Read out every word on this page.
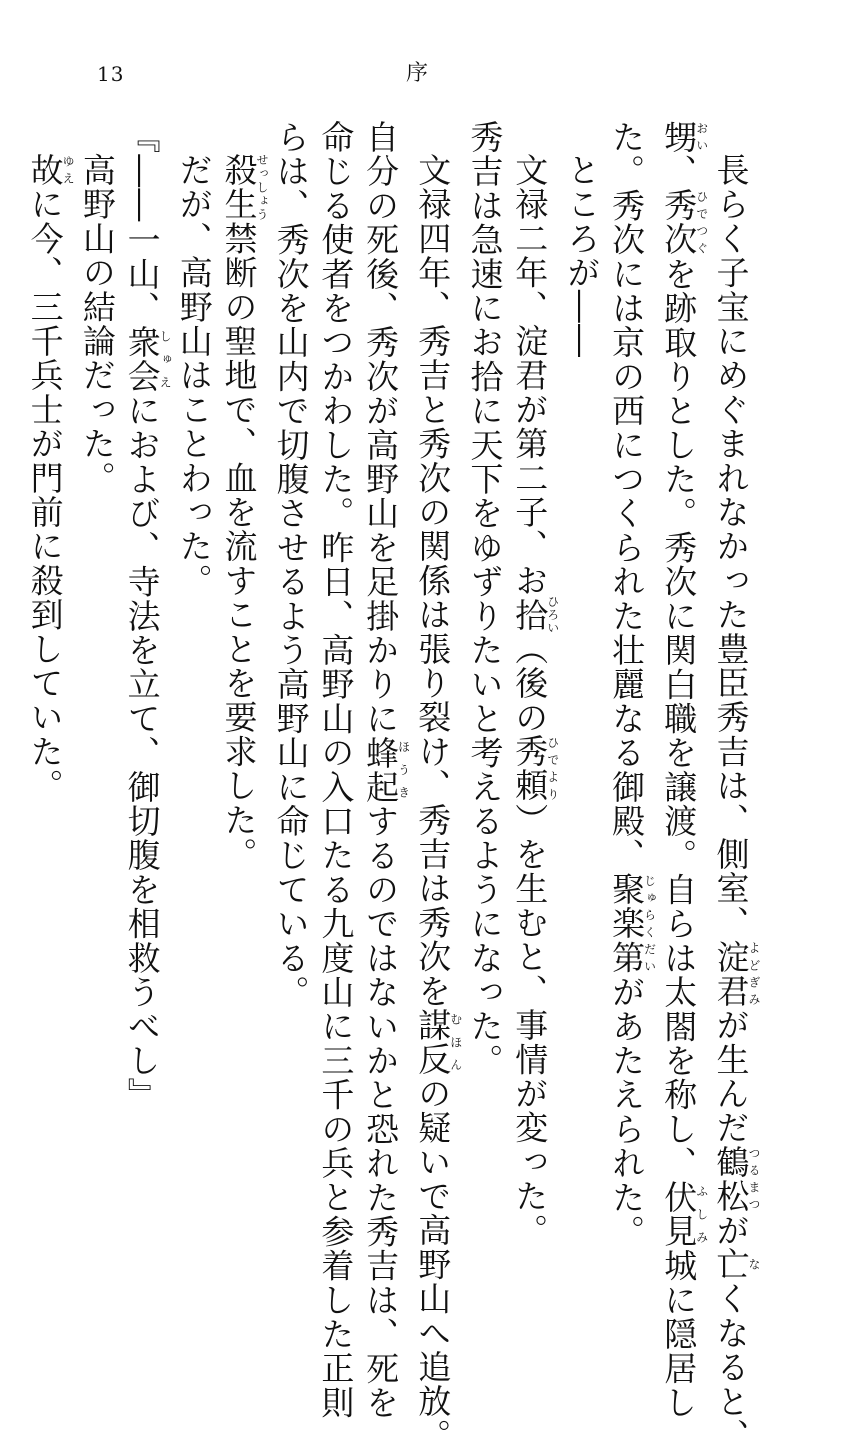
13	序
長らく子宝にめぐまれなかった豊臣秀吉は、側室、淀君よどぎみが生んだ鶴松つるまつが亡なくなると、
甥おい、秀次ひでつぐを跡取りとした。秀次に関白職を譲渡。自らは太閤を称し、伏見ふしみ城に隠居し
た。秀次には京の西につくられた壮麗なる御殿、聚楽第じゅらくだいがあたえられた。
ところが――
文禄二年、淀君が第二子、お拾ひろい（後の秀頼ひでより）を生むと、事情が変った。
秀吉は急速にお拾に天下をゆずりたいと考えるようになった。
文禄四年、秀吉と秀次の関係は張り裂け、秀吉は秀次を謀反むほんの疑いで高野山へ追放。
自分の死後、秀次が高野山を足掛かりに蜂起ほうきするのではないかと恐れた秀吉は、死を
命じる使者をつかわした。昨日、高野山の入口たる九度山に三千の兵と参着した正則
らは、秀次を山内で切腹させるよう高野山に命じている。
殺生せっしょう禁断の聖地で、血を流すことを要求した。
だが、高野山はことわった。
『――一山、衆会しゅえにおよび、寺法を立て、御切腹を相救うべし』
高野山の結論だった。
故ゆえに今、三千兵士が門前に殺到していた。
